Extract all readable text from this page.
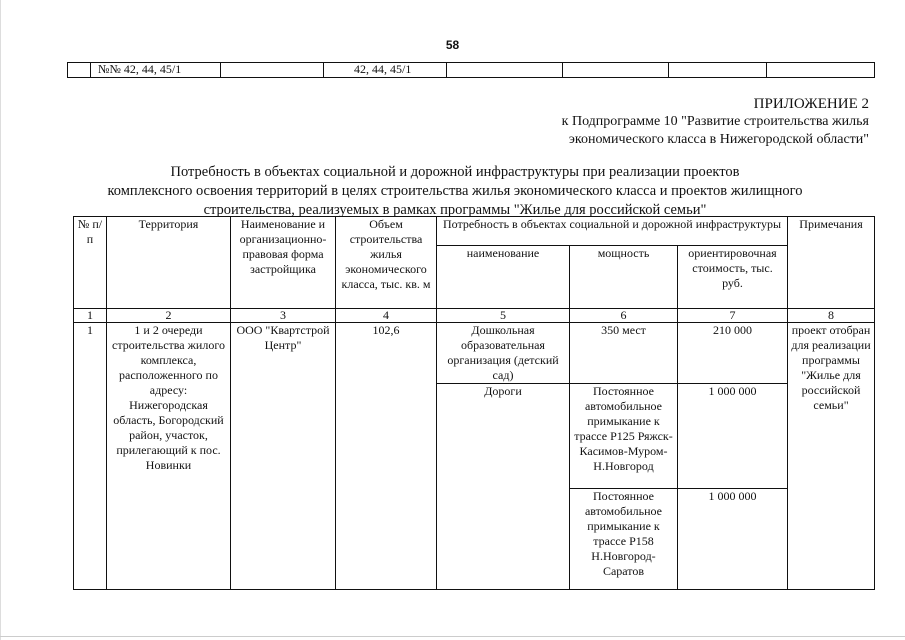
58
№№ 42, 44, 45/1	42, 44, 45/1
ПРИЛОЖЕНИЕ 2
к Подпрограмме 10 "Развитие строительства жилья
экономического класса в Нижегородской области"
Потребность в объектах социальной и дорожной инфраструктуры при реализации проектов
комплексного освоения территорий в целях строительства жилья экономического класса и проектов жилищного
строительства, реализуемых в рамках программы "Жилье для российской семьи"
№ п/п	Территория	Наименование и организационно-правовая форма застройщика	Объем строительства жилья экономического класса, тыс. кв. м	Потребность в объектах социальной и дорожной инфраструктуры			Примечания
				наименование	мощность	ориентировочная стоимость, тыс. руб.	
1	2	3	4	5	6	7	8
1	1 и 2 очереди строительства жилого комплекса, расположенного по адресу: Нижегородская область, Богородский район, участок, прилегающий к пос. Новинки	ООО "Квартстрой Центр"	102,6	Дошкольная образовательная организация (детский сад)	350 мест	210 000	проект отобран для реализации программы "Жилье для российской семьи"
				Дороги	Постоянное автомобильное примыкание к трассе Р125 Ряжск-Касимов-Муром-Н.Новгород	1 000 000	
					Постоянное автомобильное примыкание к трассе Р158 Н.Новгород-Саратов	1 000 000	
